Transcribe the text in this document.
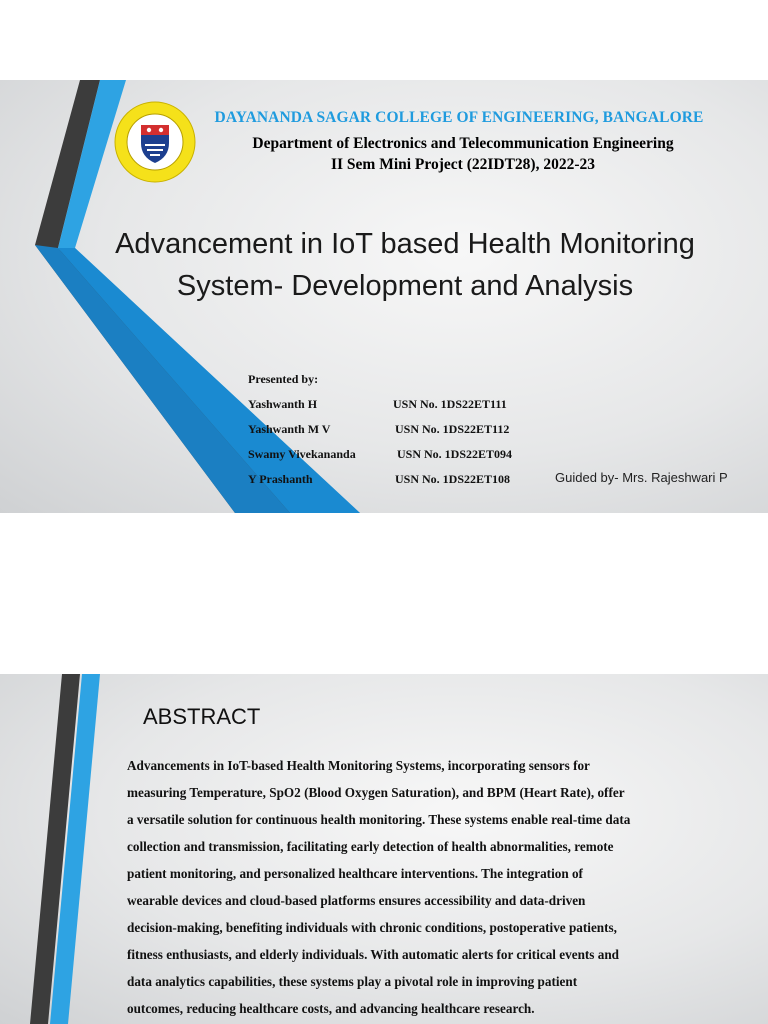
DAYANANDA SAGAR COLLEGE OF ENGINEERING, BANGALORE
Department of Electronics and Telecommunication Engineering
II Sem Mini Project (22IDT28), 2022-23
Advancement in IoT based Health Monitoring
System- Development and Analysis
Presented by:
Yashwanth H	USN No. 1DS22ET111
Yashwanth M V	USN No. 1DS22ET112
Swamy Vivekananda	USN No. 1DS22ET094
Y Prashanth	USN No. 1DS22ET108	Guided by- Mrs. Rajeshwari P
ABSTRACT
Advancements in IoT-based Health Monitoring Systems, incorporating sensors for
measuring Temperature, SpO2 (Blood Oxygen Saturation), and BPM (Heart Rate), offer
a versatile solution for continuous health monitoring. These systems enable real-time data
collection and transmission, facilitating early detection of health abnormalities, remote
patient monitoring, and personalized healthcare interventions. The integration of
wearable devices and cloud-based platforms ensures accessibility and data-driven
decision-making, benefiting individuals with chronic conditions, postoperative patients,
fitness enthusiasts, and elderly individuals. With automatic alerts for critical events and
data analytics capabilities, these systems play a pivotal role in improving patient
outcomes, reducing healthcare costs, and advancing healthcare research.
